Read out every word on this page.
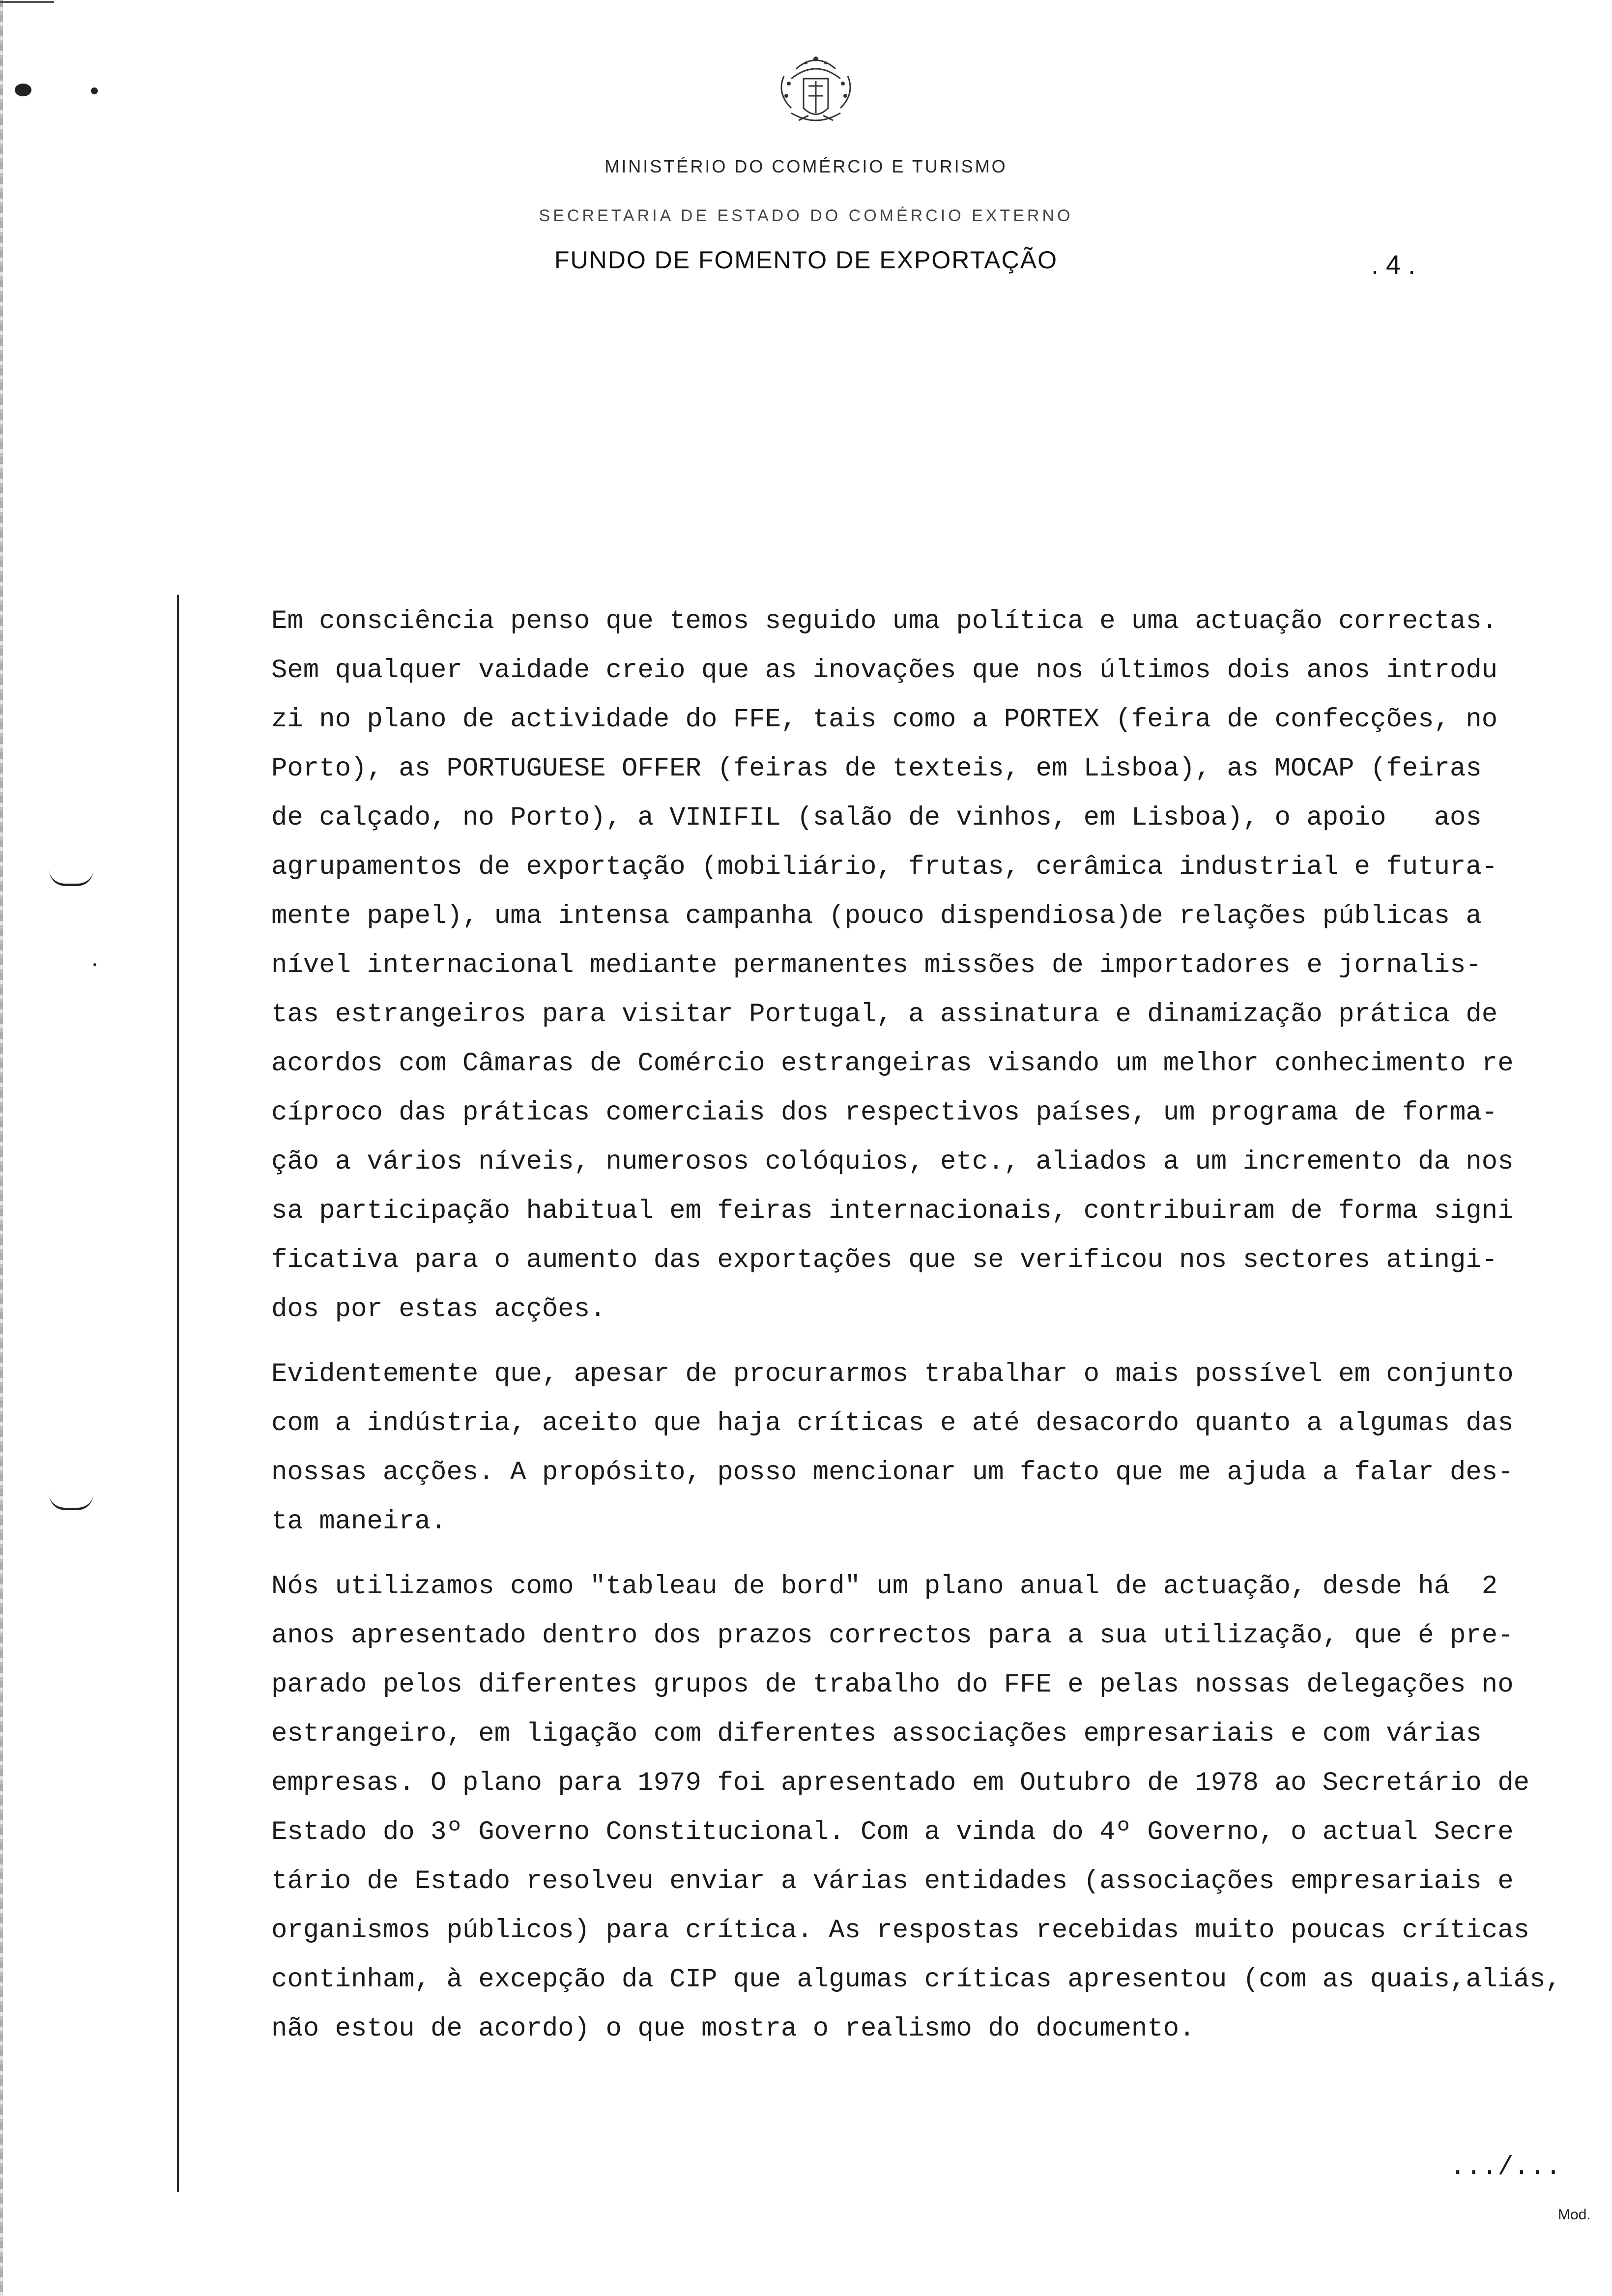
MINISTÉRIO DO COMÉRCIO E TURISMO
SECRETARIA DE ESTADO DO COMÉRCIO EXTERNO
FUNDO DE FOMENTO DE EXPORTAÇÃO	. 4 .
Em consciência penso que temos seguido uma política e uma actuação correctas.
Sem qualquer vaidade creio que as inovações que nos últimos dois anos introdu
zi no plano de actividade do FFE, tais como a PORTEX (feira de confecções, no
Porto), as PORTUGUESE OFFER (feiras de texteis, em Lisboa), as MOCAP (feiras
de calçado, no Porto), a VINIFIL (salão de vinhos, em Lisboa), o apoio   aos
agrupamentos de exportação (mobiliário, frutas, cerâmica industrial e futura-
mente papel), uma intensa campanha (pouco dispendiosa)de relações públicas a
nível internacional mediante permanentes missões de importadores e jornalis-
tas estrangeiros para visitar Portugal, a assinatura e dinamização prática de
acordos com Câmaras de Comércio estrangeiras visando um melhor conhecimento re
cíproco das práticas comerciais dos respectivos países, um programa de forma-
ção a vários níveis, numerosos colóquios, etc., aliados a um incremento da nos
sa participação habitual em feiras internacionais, contribuiram de forma signi
ficativa para o aumento das exportações que se verificou nos sectores atingi-
dos por estas acções.
Evidentemente que, apesar de procurarmos trabalhar o mais possível em conjunto
com a indústria, aceito que haja críticas e até desacordo quanto a algumas das
nossas acções. A propósito, posso mencionar um facto que me ajuda a falar des-
ta maneira.
Nós utilizamos como "tableau de bord" um plano anual de actuação, desde há  2
anos apresentado dentro dos prazos correctos para a sua utilização, que é pre-
parado pelos diferentes grupos de trabalho do FFE e pelas nossas delegações no
estrangeiro, em ligação com diferentes associações empresariais e com várias
empresas. O plano para 1979 foi apresentado em Outubro de 1978 ao Secretário de
Estado do 3º Governo Constitucional. Com a vinda do 4º Governo, o actual Secre
tário de Estado resolveu enviar a várias entidades (associações empresariais e
organismos públicos) para crítica. As respostas recebidas muito poucas críticas
continham, à excepção da CIP que algumas críticas apresentou (com as quais,aliás,
não estou de acordo) o que mostra o realismo do documento.
.../...
Mod.
